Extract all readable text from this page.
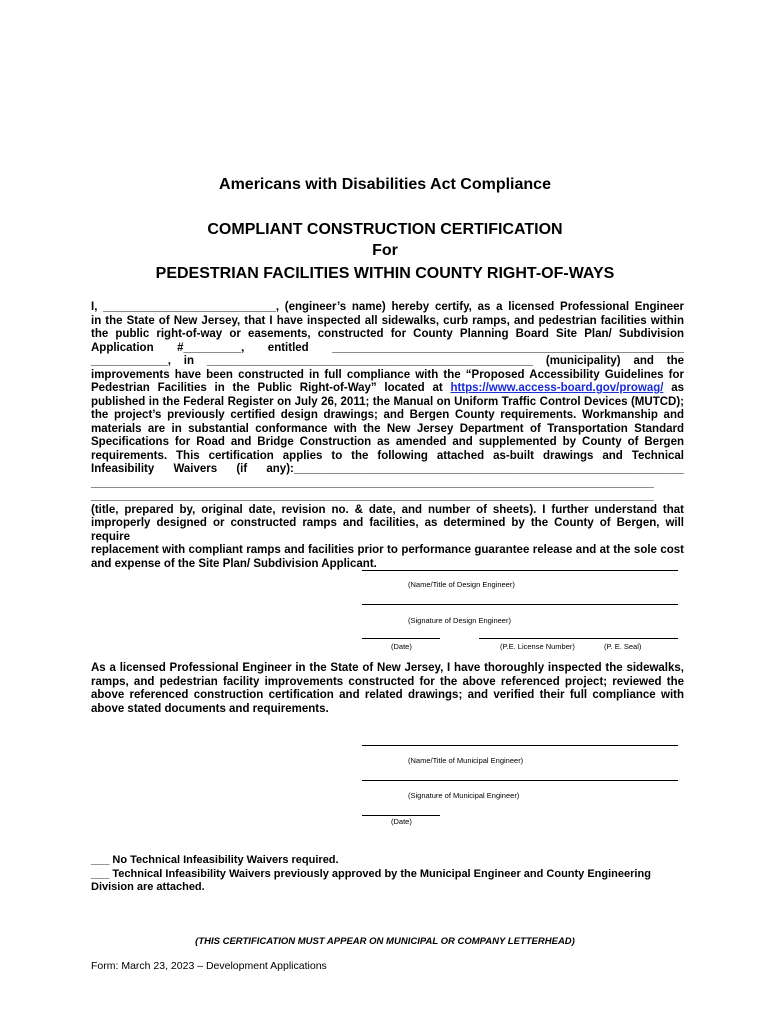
Americans with Disabilities Act Compliance
COMPLIANT CONSTRUCTION CERTIFICATION
For
PEDESTRIAN FACILITIES WITHIN COUNTY RIGHT-OF-WAYS
I, ___________________________, (engineer’s name) hereby certify, as a licensed Professional Engineer
in the State of New Jersey, that I have inspected all sidewalks, curb ramps, and pedestrian facilities within
the public right-of-way or easements, constructed for County Planning Board Site Plan/ Subdivision
Application #_________, entitled _______________________________________________________
____________, in ___________________________________________________ (municipality) and the
improvements have been constructed in full compliance with the “Proposed Accessibility Guidelines for
Pedestrian Facilities in the Public Right-of-Way” located at https://www.access-board.gov/prowag/ as
published in the Federal Register on July 26, 2011; the Manual on Uniform Traffic Control Devices (MUTCD);
the project’s previously certified design drawings; and Bergen County requirements. Workmanship and
materials are in substantial conformance with the New Jersey Department of Transportation Standard
Specifications for Road and Bridge Construction as amended and supplemented by County of Bergen
requirements. This certification applies to the following attached as-built drawings and Technical
Infeasibility Waivers (if any):_____________________________________________________________
________________________________________________________________________________________
________________________________________________________________________________________
(title, prepared by, original date, revision no. & date, and number of sheets). I further understand that
improperly designed or constructed ramps and facilities, as determined by the County of Bergen, will require
replacement with compliant ramps and facilities prior to performance guarantee release and at the sole cost
and expense of the Site Plan/ Subdivision Applicant.
(Name/Title of Design Engineer)
(Signature of Design Engineer)
(Date)	(P.E. License Number)	(P. E. Seal)
As a licensed Professional Engineer in the State of New Jersey, I have thoroughly inspected the sidewalks,
ramps, and pedestrian facility improvements constructed for the above referenced project; reviewed the
above referenced construction certification and related drawings; and verified their full compliance with
above stated documents and requirements.
(Name/Title of Municipal Engineer)
(Signature of Municipal Engineer)
(Date)
___ No Technical Infeasibility Waivers required.
___ Technical Infeasibility Waivers previously approved by the Municipal Engineer and County Engineering
Division are attached.
(THIS CERTIFICATION MUST APPEAR ON MUNICIPAL OR COMPANY LETTERHEAD)
Form: March 23, 2023 – Development Applications
